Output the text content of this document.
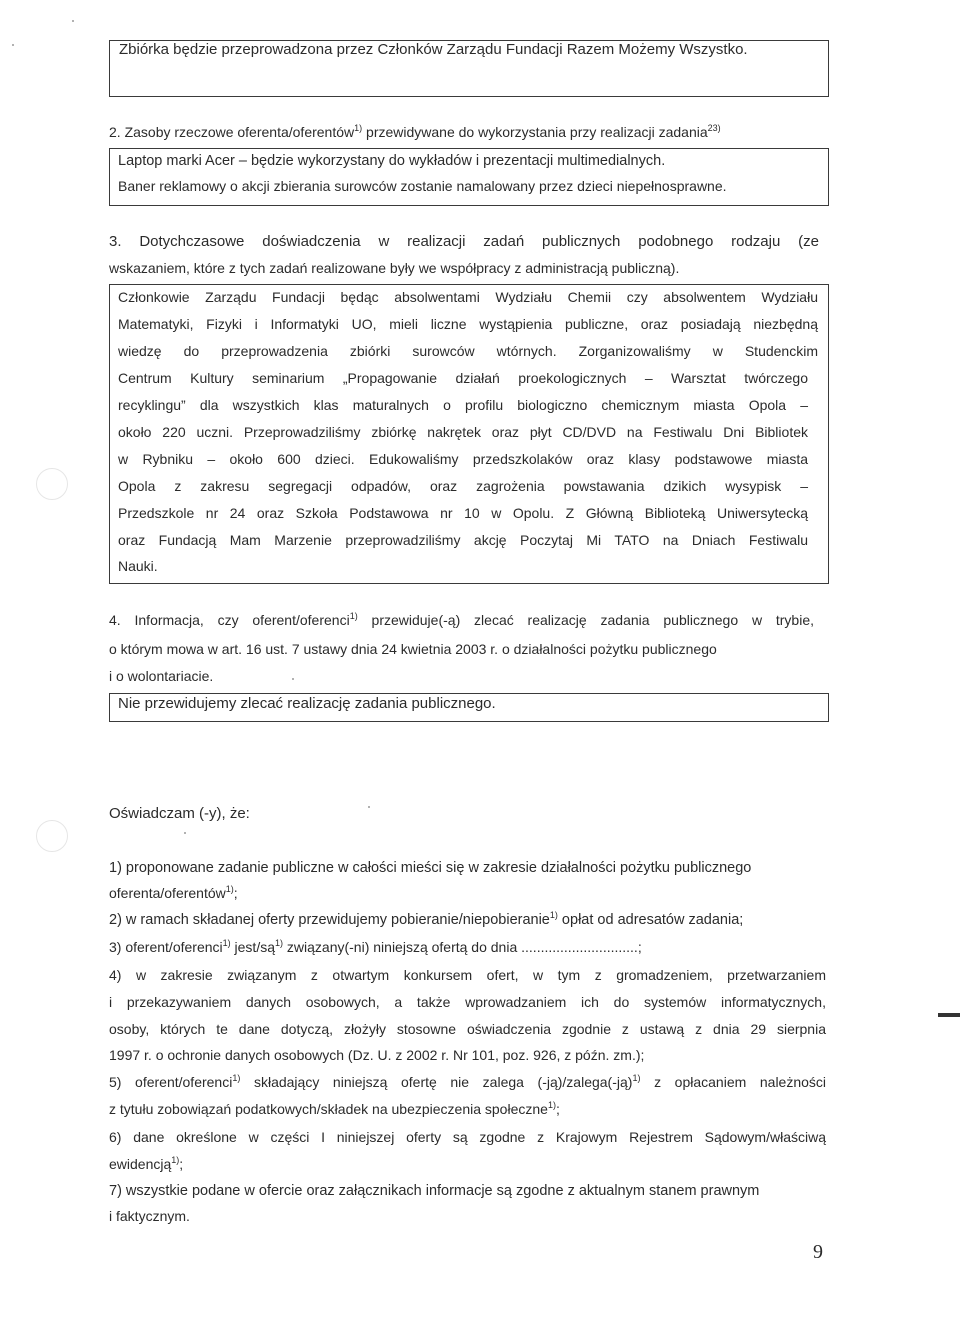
Zbiórka będzie przeprowadzona przez Członków Zarządu Fundacji Razem Możemy Wszystko.
2. Zasoby rzeczowe oferenta/oferentów$^{1)}$ przewidywane do wykorzystania przy realizacji zadania$^{23)}$
Laptop marki Acer – będzie wykorzystany do wykładów i prezentacji multimedialnych.
Baner reklamowy o akcji zbierania surowców zostanie namalowany przez dzieci niepełnosprawne.
3. Dotychczasowe doświadczenia w realizacji zadań publicznych podobnego rodzaju (ze
wskazaniem, które z tych zadań realizowane były we współpracy z administracją publiczną).
Członkowie Zarządu Fundacji będąc absolwentami Wydziału Chemii czy absolwentem Wydziału
Matematyki, Fizyki i Informatyki UO, mieli liczne wystąpienia publiczne, oraz posiadają niezbędną
wiedzę do przeprowadzenia zbiórki surowców wtórnych. Zorganizowaliśmy w Studenckim
Centrum Kultury seminarium „Propagowanie działań proekologicznych – Warsztat twórczego
recyklingu” dla wszystkich klas maturalnych o profilu biologiczno chemicznym miasta Opola –
około 220 uczni. Przeprowadziliśmy zbiórkę nakrętek oraz płyt CD/DVD na Festiwalu Dni Bibliotek
w Rybniku – około 600 dzieci. Edukowaliśmy przedszkolaków oraz klasy podstawowe miasta
Opola z zakresu segregacji odpadów, oraz zagrożenia powstawania dzikich wysypisk –
Przedszkole nr 24 oraz Szkoła Podstawowa nr 10 w Opolu. Z Główną Biblioteką Uniwersytecką
oraz Fundacją Mam Marzenie przeprowadziliśmy akcję Poczytaj Mi TATO na Dniach Festiwalu
Nauki.
4. Informacja, czy oferent/oferenci$^{1)}$ przewiduje(-ą) zlecać realizację zadania publicznego w trybie,
o którym mowa w art. 16 ust. 7 ustawy dnia 24 kwietnia 2003 r. o działalności pożytku publicznego
i o wolontariacie.
Nie przewidujemy zlecać realizację zadania publicznego.
Oświadczam (-y), że:
1) proponowane zadanie publiczne w całości mieści się w zakresie działalności pożytku publicznego
oferenta/oferentów$^{1)}$;
2) w ramach składanej oferty przewidujemy pobieranie/niepobieranie$^{1)}$ opłat od adresatów zadania;
3) oferent/oferenci$^{1)}$ jest/$są^{1)}$ związany(-ni) niniejszą ofertą do dnia ..............................;
4) w zakresie związanym z otwartym konkursem ofert, w tym z gromadzeniem, przetwarzaniem
i przekazywaniem danych osobowych, a także wprowadzaniem ich do systemów informatycznych,
osoby, których te dane dotyczą, złożyły stosowne oświadczenia zgodnie z ustawą z dnia 29 sierpnia
1997 r. o ochronie danych osobowych (Dz. U. z 2002 r. Nr 101, poz. 926, z późn. zm.);
5) oferent/oferenci$^{1)}$ składający niniejszą ofertę nie zalega (-ją)/zalega(-ją)$^{1)}$ z opłacaniem należności
z tytułu zobowiązań podatkowych/składek na ubezpieczenia społeczne$^{1)}$;
6) dane określone w części I niniejszej oferty są zgodne z Krajowym Rejestrem Sądowym/właściwą
ewidencją$^{1)}$;
7) wszystkie podane w ofercie oraz załącznikach informacje są zgodne z aktualnym stanem prawnym
i faktycznym.
9
